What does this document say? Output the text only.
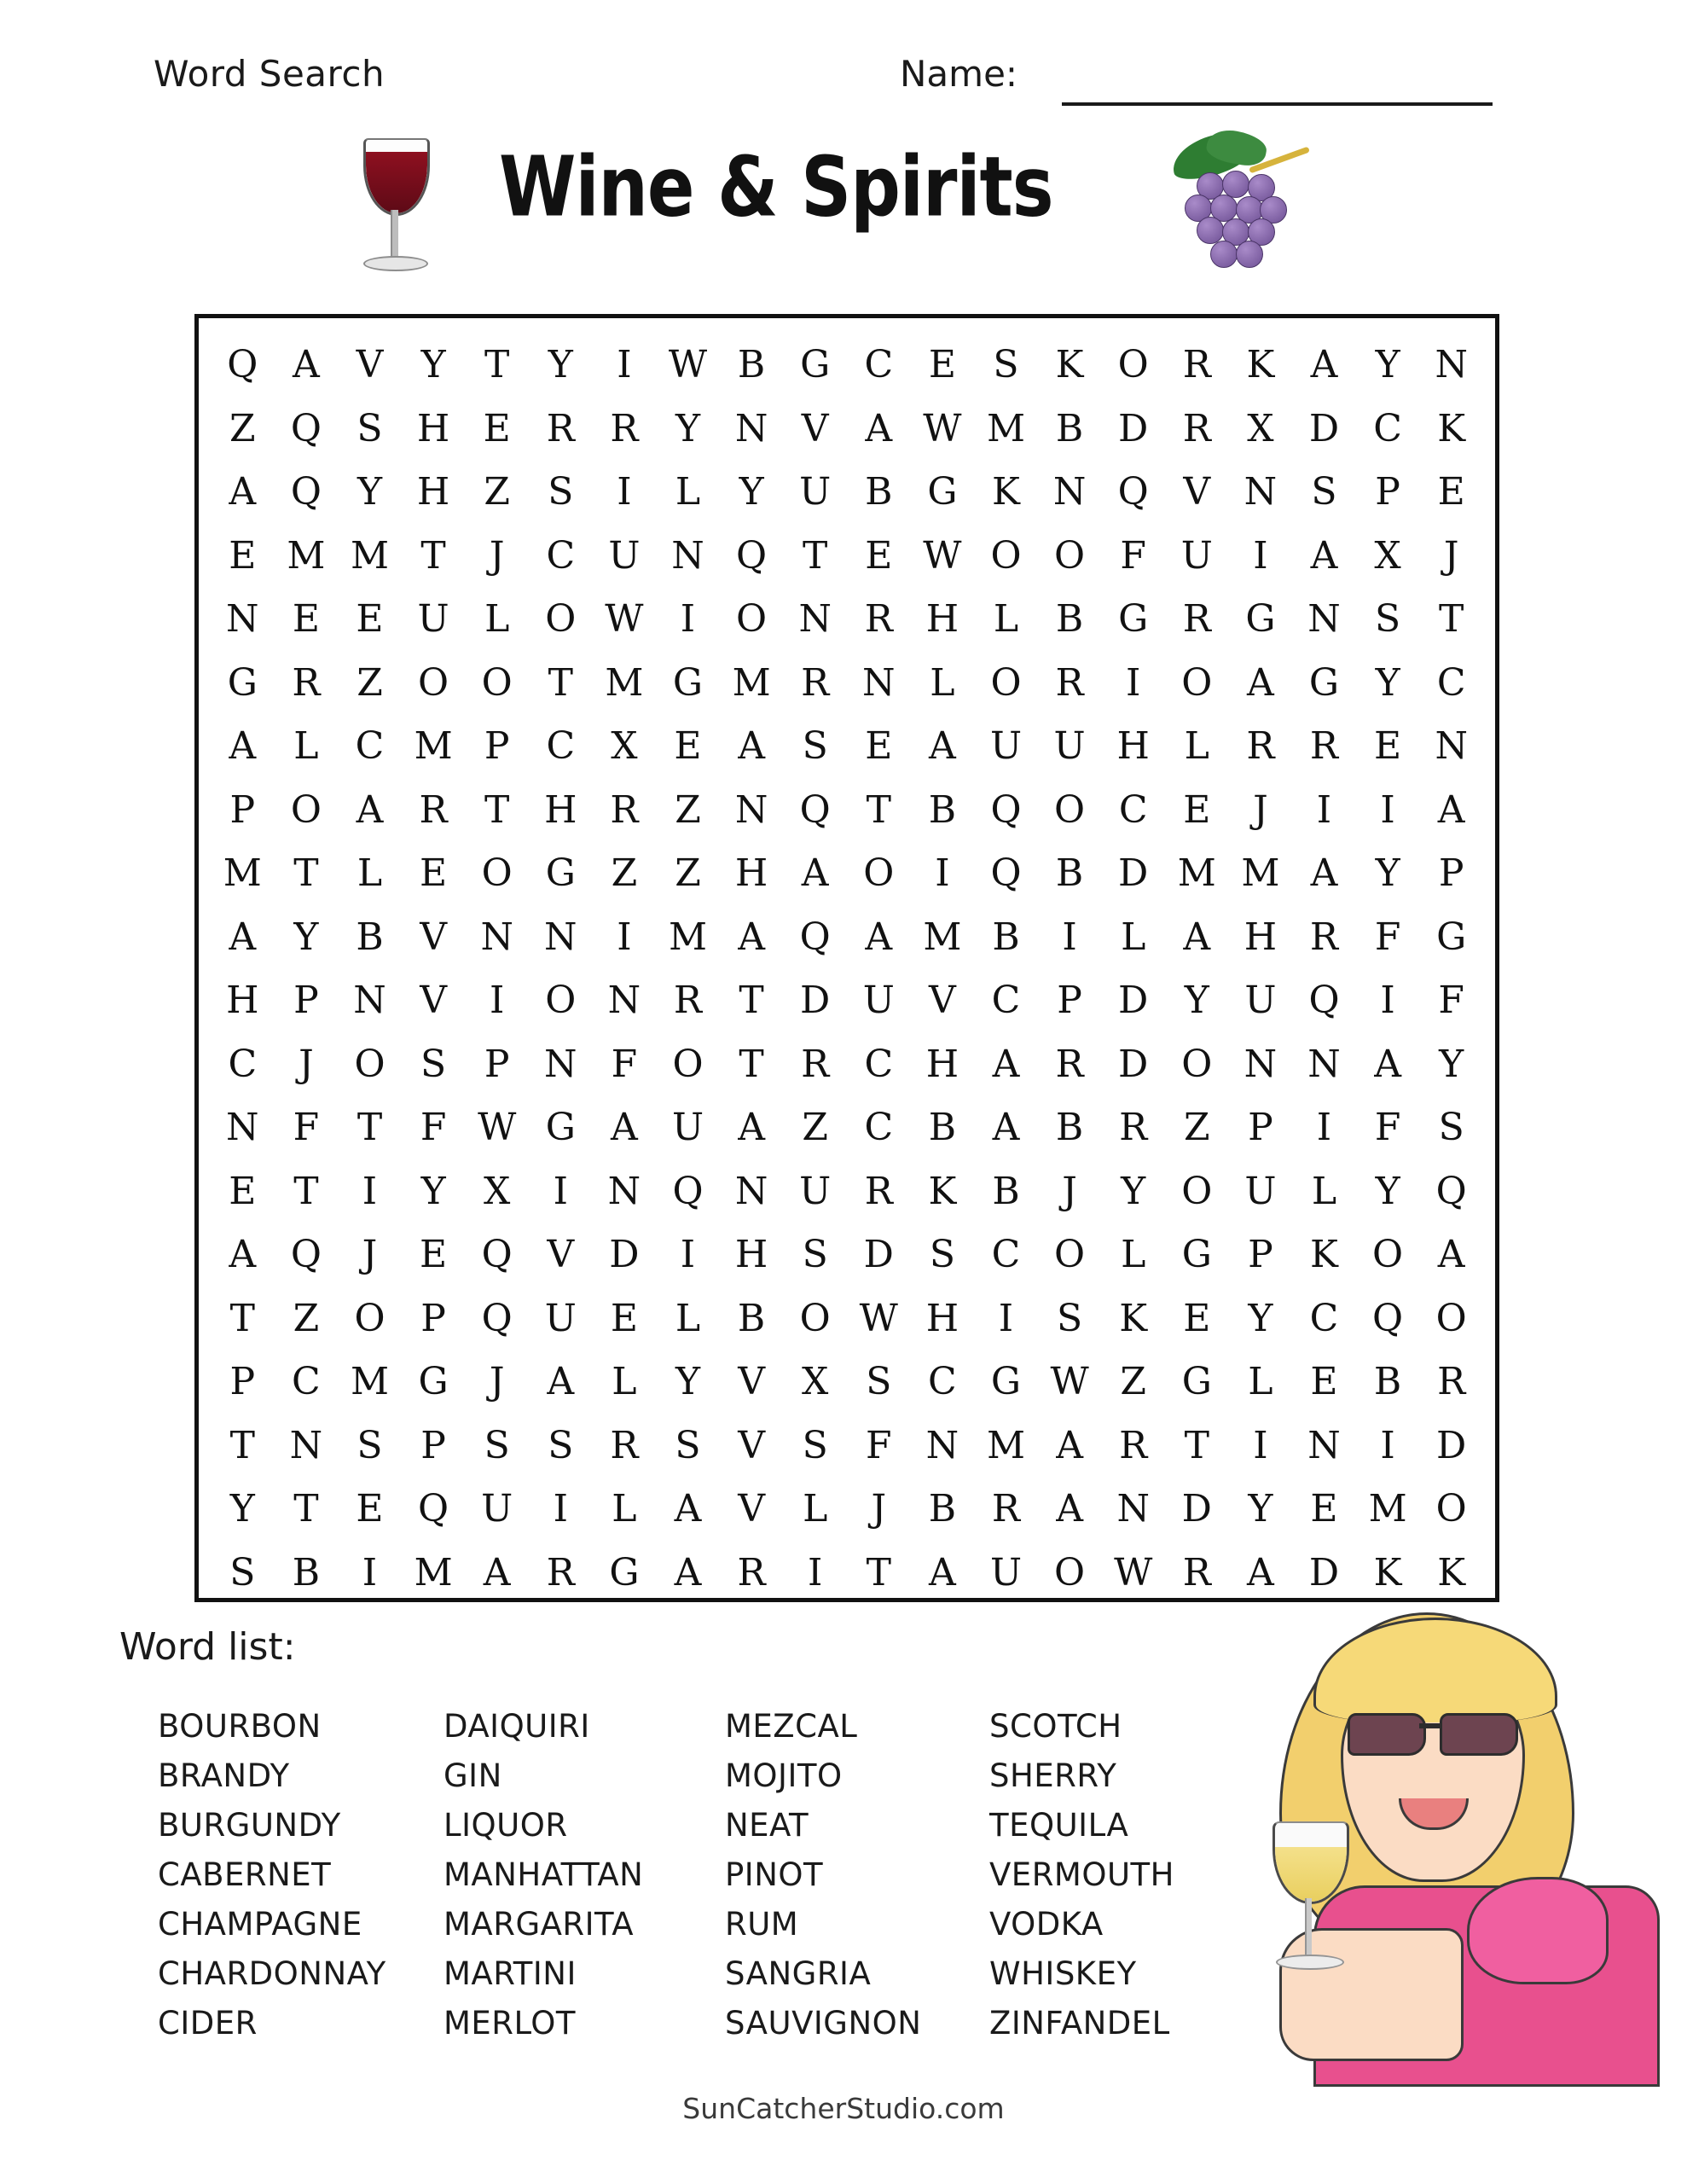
Word Search	Name:
Wine & Spirits
Q A V	Y	T	Y	I W B G C E S K O R K A	Y N
Z Q S H E R R Y N V A W M B D R X D C K
A Q Y H Z	S	I	L	Y U B G K N Q V N S	P E
E M M T	J	C U N Q T E W O O F U	I	A X	J
N E E U L O W I	O N R H L B G R G N S	T
G R Z O O T M G M R N L O R	I	O A G Y C
A	L C M P C X E A S E A U U H L R R E N
P O A R T H R Z N Q T B Q O C E	J	I	I	A
M T	L E O G Z	Z H A O	I	Q B D M M A	Y	P
A	Y B V N N	I M A Q A M B	I	L	A H R F G
H P N V	I	O N R T D U V C P D Y U Q	I	F
C	J	O S	P N F O T R C H A R D O N N A	Y
N F	T	F W G A U A Z C B A B R Z	P	I	F	S
E T	I	Y	X	I	N Q N U R K B	J	Y O U L	Y Q
A Q	J	E Q V D	I	H S D S C O L G P K O A
T	Z O P Q U E L B O W H	I	S K E	Y C Q O
P C M G	J	A	L	Y	V X S C G W Z G L E B R
T N S	P	S	S R S V S	F N M A R T	I	N	I	D
Y	T E Q U	I	L	A V	L	J	B R A N D Y	E M O
S B	I M A R G A R	I	T	A U O W R A D K K
Word list:
BOURBON	DAIQUIRI	MEZCAL	SCOTCH
BRANDY	GIN	MOJITO	SHERRY
BURGUNDY	LIQUOR	NEAT	TEQUILA
CABERNET	MANHATTAN	PINOT	VERMOUTH
CHAMPAGNE	MARGARITA	RUM	VODKA
CHARDONNAY	MARTINI	SANGRIA	WHISKEY
CIDER	MERLOT	SAUVIGNON	ZINFANDEL
SunCatcherStudio.com
